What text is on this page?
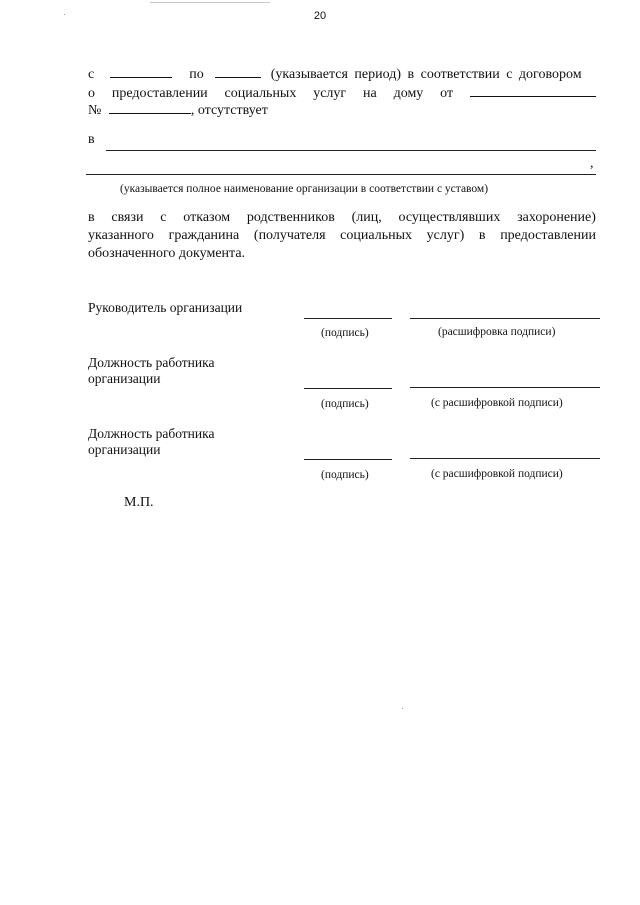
20
с	по	(указывается период) в соответствии с договором
о предоставлении социальных услуг на дому от
№	, отсутствует
в
,
(указывается полное наименование организации в соответствии с уставом)
в связи с отказом родственников (лиц, осуществлявших захоронение)
указанного гражданина (получателя социальных услуг) в предоставлении
обозначенного документа.
Руководитель организации
(подпись)	(расшифровка подписи)
Должность работника
организации
(подпись)	(с расшифровкой подписи)
Должность работника
организации
(подпись)	(с расшифровкой подписи)
М.П.
